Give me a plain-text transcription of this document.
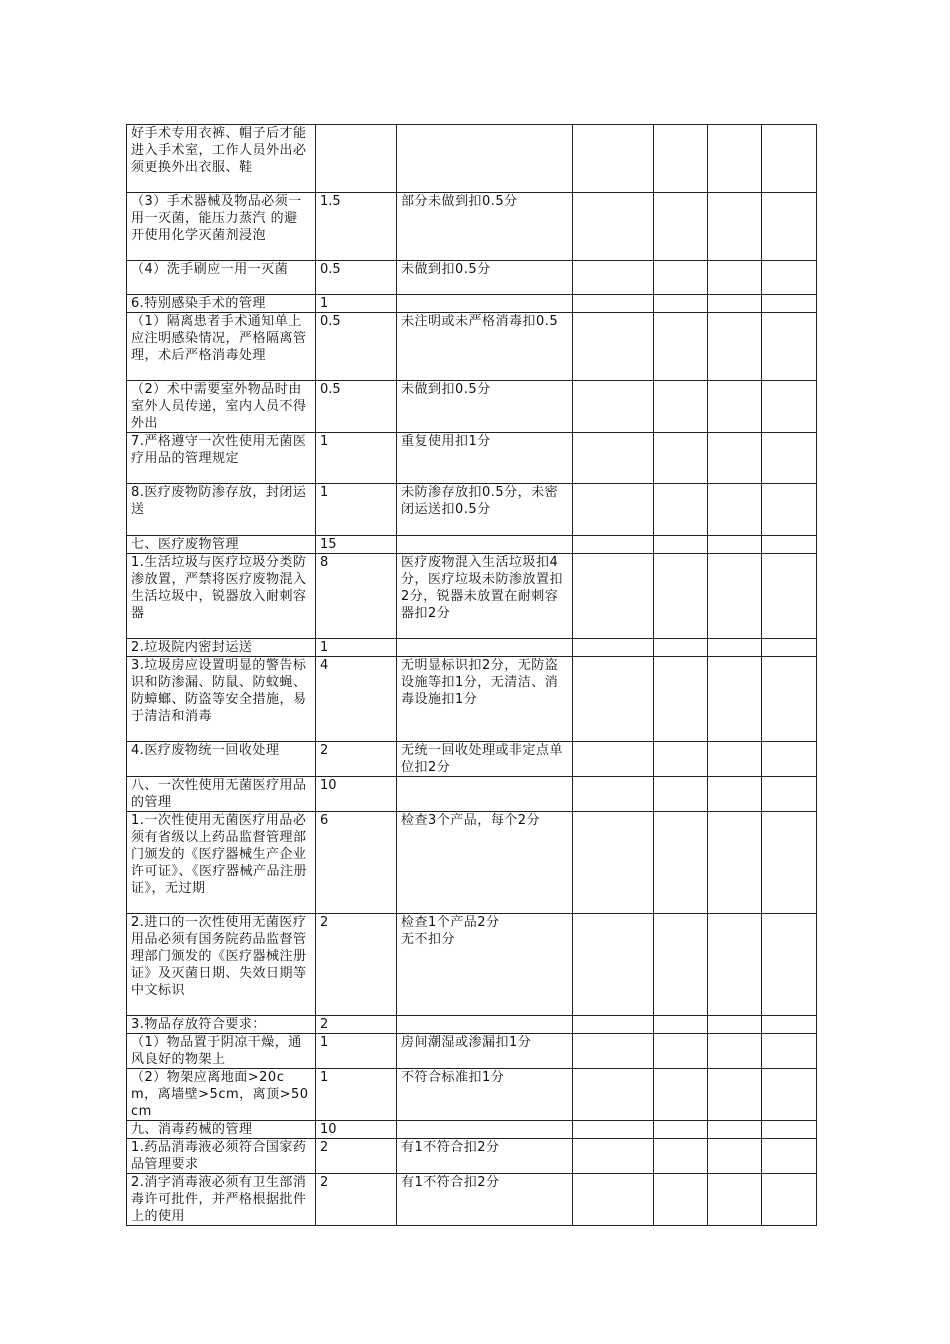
好手术专用衣裤、帽子后才能进入手术室，工作人员外出必须更换外出衣服、鞋						
（3）手术器械及物品必须一用一灭菌，能压力蒸汽 的避开使用化学灭菌剂浸泡	1.5	部分未做到扣0.5分				
（4）洗手刷应一用一灭菌	0.5	未做到扣0.5分				
6.特别感染手术的管理	1					
（1）隔离患者手术通知单上应注明感染情况，严格隔离管理，术后严格消毒处理	0.5	未注明或未严格消毒扣0.5				
（2）术中需要室外物品时由室外人员传递，室内人员不得外出	0.5	未做到扣0.5分				
7.严格遵守一次性使用无菌医疗用品的管理规定	1	重复使用扣1分				
8.医疗废物防渗存放，封闭运送	1	未防渗存放扣0.5分，未密闭运送扣0.5分				
七、医疗废物管理	15					
1.生活垃圾与医疗垃圾分类防渗放置，严禁将医疗废物混入生活垃圾中，锐器放入耐刺容器	8	医疗废物混入生活垃圾扣4分，医疗垃圾未防渗放置扣2分，锐器未放置在耐刺容器扣2分				
2.垃圾院内密封运送	1					
3.垃圾房应设置明显的警告标识和防渗漏、防鼠、防蚊蝇、防蟑螂、防盗等安全措施，易于清洁和消毒	4	无明显标识扣2分，无防盗设施等扣1分，无清洁、消毒设施扣1分				
4.医疗废物统一回收处理	2	无统一回收处理或非定点单位扣2分				
八、一次性使用无菌医疗用品的管理	10					
1.一次性使用无菌医疗用品必须有省级以上药品监督管理部门颁发的《医疗器械生产企业许可证》、《医疗器械产品注册证》，无过期	6	检查3个产品，每个2分				
2.进口的一次性使用无菌医疗用品必须有国务院药品监督管理部门颁发的《医疗器械注册证》及灭菌日期、失效日期等中文标识	2	检查1个产品2分
无不扣分				
3.物品存放符合要求：	2					
（1）物品置于阴凉干燥，通风良好的物架上	1	房间潮湿或渗漏扣1分				
（2）物架应离地面>20cm，离墙壁>5cm，离顶>50cm	1	不符合标准扣1分				
九、消毒药械的管理	10					
1.药品消毒液必须符合国家药品管理要求	2	有1不符合扣2分				
2.消字消毒液必须有卫生部消毒许可批件，并严格根据批件上的使用	2	有1不符合扣2分				
